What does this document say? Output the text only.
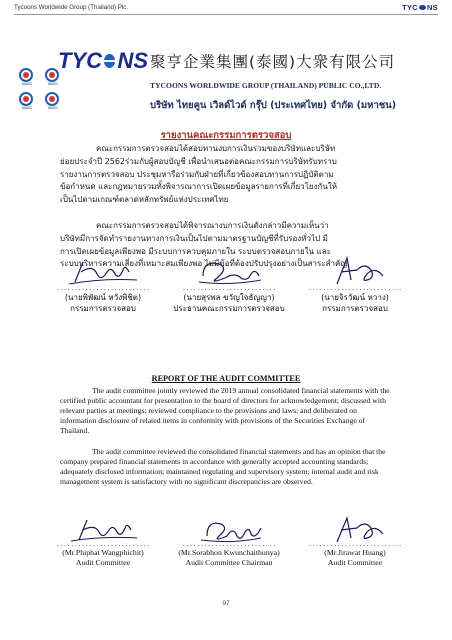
Tycoons Worldwide Group (Thailand) Plc.	TYC NS
TYC NS 聚亨企業集團(泰國)大衆有限公司
TYCOONS WORLDWIDE GROUP (THAILAND) PUBLIC CO.,LTD.
บริษัท ไทยคูน เวิลด์ไวด์ กรุ๊ป (ประเทศไทย) จำกัด (มหาชน)
MASCI	MASCI
MASCI	MASCI
รายงานคณะกรรมการตรวจสอบ

คณะกรรมการตรวจสอบได้สอบทานงบการเงินรวมของบริษัทและบริษัท

ย่อยประจำปี 2562ร่วมกับผู้สอบบัญชี เพื่อนำเสนอต่อคณะกรรมการบริษัทรับทราบ

รายงานการตรวจสอบ ประชุมหารือร่วมกับฝ่ายที่เกี่ยวข้องสอบทานการปฏิบัติตาม

ข้อกำหนด และกฎหมายรวมทั้งพิจารณาการเปิดเผยข้อมูลรายการที่เกี่ยวโยงกันให้

เป็นไปตามเกณฑ์ตลาดหลักทรัพย์แห่งประเทศไทย

คณะกรรมการตรวจสอบได้พิจารณางบการเงินดังกล่าวมีความเห็นว่า

บริษัทมีการจัดทำรายงานทางการเงินเป็นไปตามมาตรฐานบัญชีที่รับรองทั่วไป มี

การเปิดเผยข้อมูลเพียงพอ มีระบบการควบคุมภายใน ระบบตรวจสอบภายใน และ

ระบบบริหารความเสี่ยงที่เหมาะสมเพียงพอ ไม่มีข้อที่ต้องปรับปรุงอย่างเป็นสาระสำคัญ

..........................
(นายพิพัฒน์ หวังพิชิต)
กรรมการตรวจสอบ
..........................
(นายสุรพล ขวัญใจธัญญา)
ประธานคณะกรรมการตรวจสอบ
..........................
(นายจิรวัฒน์ หวาง)
กรรมการตรวจสอบ
REPORT OF THE AUDIT COMMITTEE

The audit committee jointly reviewed the 2019 annual consolidated financial statements with the certified public accountant for presentation to the board of directors for acknowledgement; discussed with relevant parties at meetings; reviewed compliance to the provisions and laws; and deliberated on information disclosure of related items in conformity with provisions of the Securities Exchange of Thailand.

The audit committee reviewed the consolidated financial statements and has an opinion that the company prepared financial statements in accordance with generally accepted accounting standards; adequately disclosed information; maintained regulating and supervisory system; internal audit and risk management system is satisfactory with no significant discrepancies are observed.

..........................
(Mr.Phiphat Wangphichit)
Audit Committee
..........................
(Mr.Sorabhon Kwunchaithunya)
Audit Committee Chairman
..........................
(Mr.Jirawat Huang)
Audit Committee
97
